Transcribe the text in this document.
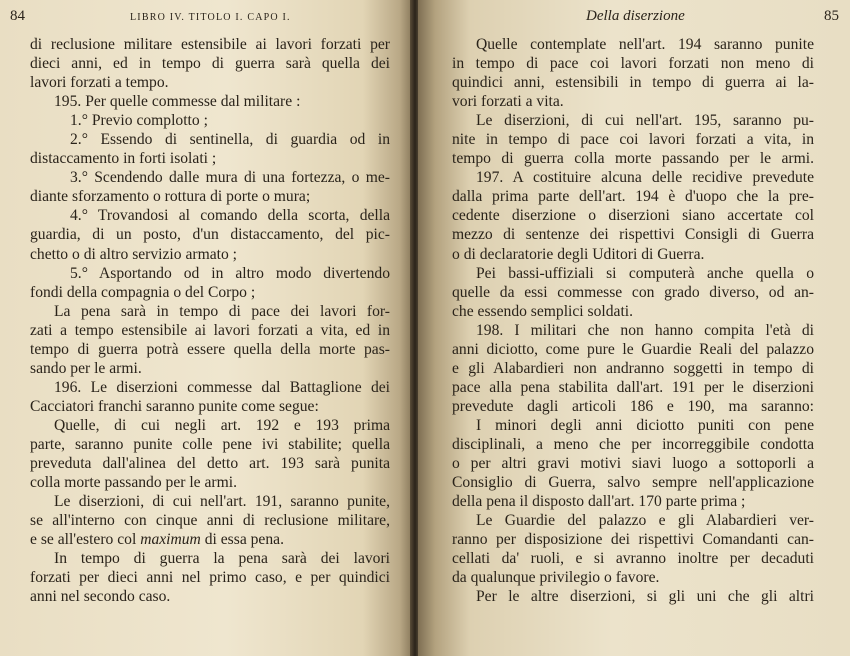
84	LIBRO IV. TITOLO I. CAPO I.
di reclusione militare estensibile ai lavori forzati per
dieci anni, ed in tempo di guerra sarà quella dei
lavori forzati a tempo.
195. Per quelle commesse dal militare :
1.° Previo complotto ;
2.° Essendo di sentinella, di guardia od in
distaccamento in forti isolati ;
3.° Scendendo dalle mura di una fortezza, o me-
diante sforzamento o rottura di porte o mura;
4.° Trovandosi al comando della scorta, della
guardia, di un posto, d'un distaccamento, del pic-
chetto o di altro servizio armato ;
5.° Asportando od in altro modo divertendo
fondi della compagnia o del Corpo ;
La pena sarà in tempo di pace dei lavori for-
zati a tempo estensibile ai lavori forzati a vita, ed in
tempo di guerra potrà essere quella della morte pas-
sando per le armi.
196. Le diserzioni commesse dal Battaglione dei
Cacciatori franchi saranno punite come segue:
Quelle, di cui negli art. 192 e 193 prima
parte, saranno punite colle pene ivi stabilite; quella
preveduta dall'alinea del detto art. 193 sarà punita
colla morte passando per le armi.
Le diserzioni, di cui nell'art. 191, saranno punite,
se all'interno con cinque anni di reclusione militare,
e se all'estero col maximum di essa pena.
In tempo di guerra la pena sarà dei lavori
forzati per dieci anni nel primo caso, e per quindici
anni nel secondo caso.
Della diserzione	85
Quelle contemplate nell'art. 194 saranno punite
in tempo di pace coi lavori forzati non meno di
quindici anni, estensibili in tempo di guerra ai la-
vori forzati a vita.
Le diserzioni, di cui nell'art. 195, saranno pu-
nite in tempo di pace coi lavori forzati a vita, in
tempo di guerra colla morte passando per le armi.
197. A costituire alcuna delle recidive prevedute
dalla prima parte dell'art. 194 è d'uopo che la pre-
cedente diserzione o diserzioni siano accertate col
mezzo di sentenze dei rispettivi Consigli di Guerra
o di declaratorie degli Uditori di Guerra.
Pei bassi-uffiziali si computerà anche quella o
quelle da essi commesse con grado diverso, od an-
che essendo semplici soldati.
198. I militari che non hanno compita l'età di
anni diciotto, come pure le Guardie Reali del palazzo
e gli Alabardieri non andranno soggetti in tempo di
pace alla pena stabilita dall'art. 191 per le diserzioni
prevedute dagli articoli 186 e 190, ma saranno:
I minori degli anni diciotto puniti con pene
disciplinali, a meno che per incorreggibile condotta
o per altri gravi motivi siavi luogo a sottoporli a
Consiglio di Guerra, salvo sempre nell'applicazione
della pena il disposto dall'art. 170 parte prima ;
Le Guardie del palazzo e gli Alabardieri ver-
ranno per disposizione dei rispettivi Comandanti can-
cellati da' ruoli, e si avranno inoltre per decaduti
da qualunque privilegio o favore.
Per le altre diserzioni, si gli uni che gli altri
